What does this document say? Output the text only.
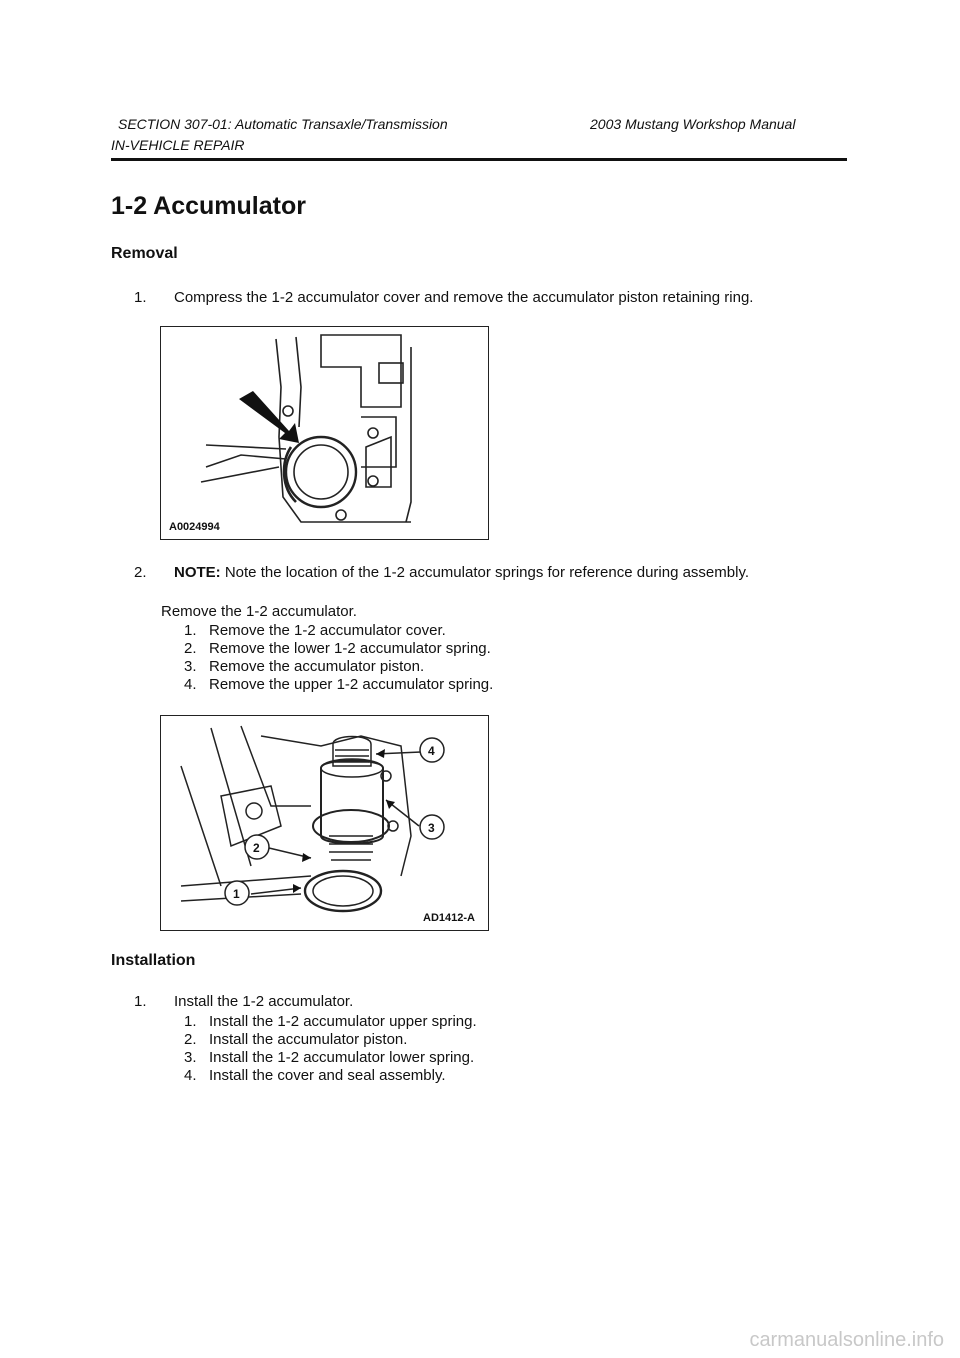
SECTION 307-01: Automatic Transaxle/Transmission	2003 Mustang Workshop Manual
IN-VEHICLE REPAIR
1-2 Accumulator
Removal
1. Compress the 1-2 accumulator cover and remove the accumulator piston retaining ring.
A0024994
2. NOTE: Note the location of the 1-2 accumulator springs for reference during assembly.
Remove the 1-2 accumulator.
1. Remove the 1-2 accumulator cover.
2. Remove the lower 1-2 accumulator spring.
3. Remove the accumulator piston.
4. Remove the upper 1-2 accumulator spring.
4
3
2
1
AD1412-A
Installation
1. Install the 1-2 accumulator.
1. Install the 1-2 accumulator upper spring.
2. Install the accumulator piston.
3. Install the 1-2 accumulator lower spring.
4. Install the cover and seal assembly.
carmanualsonline.info
